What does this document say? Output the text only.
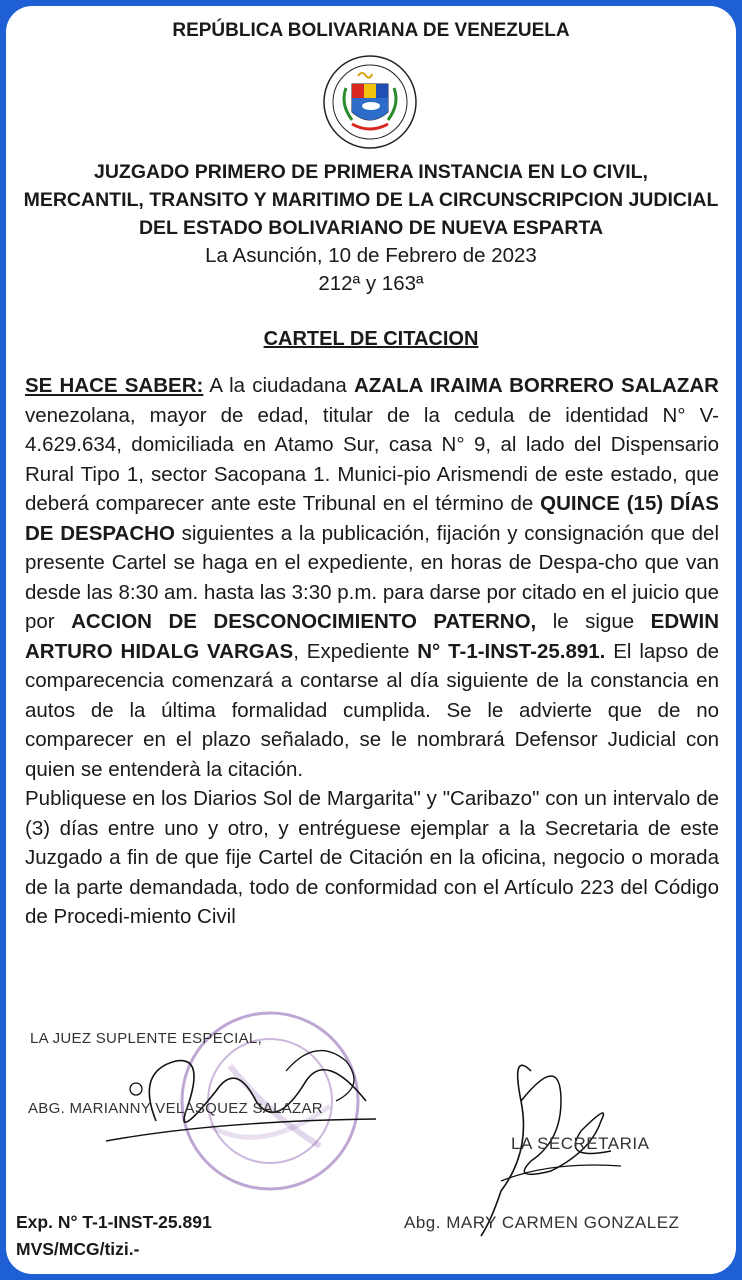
REPÚBLICA BOLIVARIANA DE VENEZUELA
JUZGADO PRIMERO DE PRIMERA INSTANCIA EN LO CIVIL,
MERCANTIL, TRANSITO Y MARITIMO DE LA CIRCUNSCRIPCION JUDICIAL
DEL ESTADO BOLIVARIANO DE NUEVA ESPARTA
La Asunción, 10 de Febrero de 2023
212ª y 163ª
CARTEL DE CITACION
SE HACE SABER: A la ciudadana AZALA IRAIMA BORRERO SALAZAR venezolana, mayor de edad, titular de la cedula de identidad N° V-4.629.634, domiciliada en Atamo Sur, casa N° 9, al lado del Dispensario Rural Tipo 1, sector Sacopana 1. Munici-pio Arismendi de este estado, que deberá comparecer ante este Tribunal en el término de QUINCE (15) DÍAS DE DESPACHO siguientes a la publicación, fijación y consignación que del presente Cartel se haga en el expediente, en horas de Despa-cho que van desde las 8:30 am. hasta las 3:30 p.m. para darse por citado en el juicio que por ACCION DE DESCONOCIMIENTO PATERNO, le sigue EDWIN ARTURO HIDALG VARGAS, Expediente N° T-1-INST-25.891. El lapso de comparecencia comenzará a contarse al día siguiente de la constancia en autos de la última formalidad cumplida. Se le advierte que de no comparecer en el plazo señalado, se le nombrará Defensor Judicial con quien se entenderà la citación.
Publiquese en los Diarios Sol de Margarita" y "Caribazo" con un intervalo de (3) días entre uno y otro, y entréguese ejemplar a la Secretaria de este Juzgado a fin de que fije Cartel de Citación en la oficina, negocio o morada de la parte demandada, todo de conformidad con el Artículo 223 del Código de Procedi-miento Civil
LA JUEZ SUPLENTE ESPECIAL,
ABG. MARIANNY VELASQUEZ SALAZAR
LA SECRETARIA
Abg. MARY CARMEN GONZALEZ
Exp. N° T-1-INST-25.891
MVS/MCG/tizi.-
